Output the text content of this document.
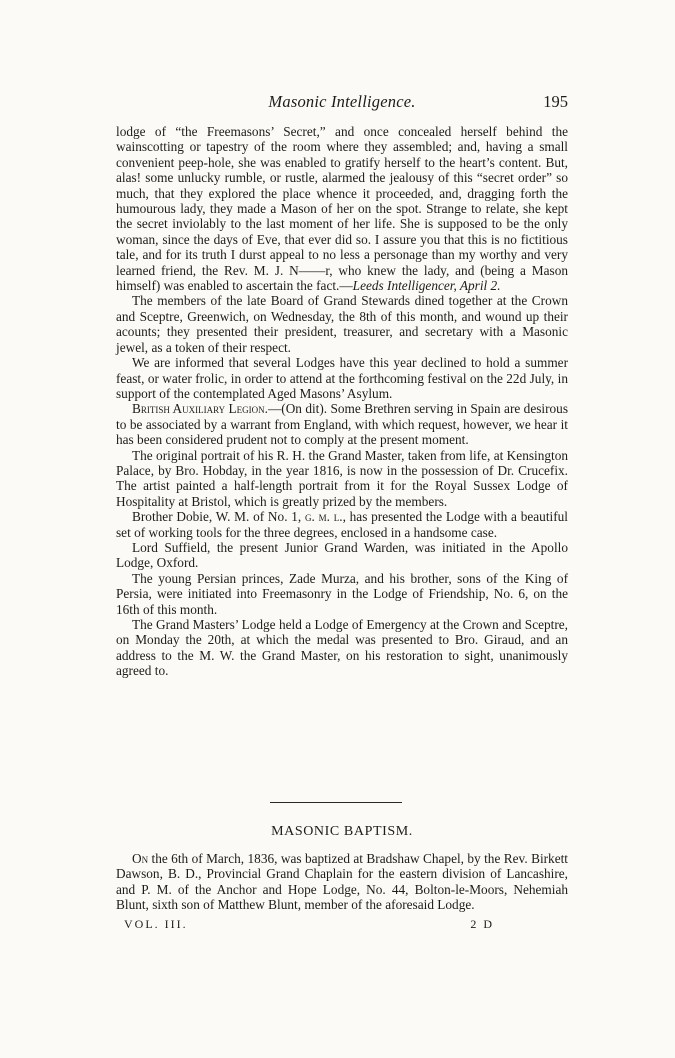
Masonic Intelligence.	195

lodge of “the Freemasons’ Secret,” and once concealed herself behind the wainscotting or tapestry of the room where they assembled; and, having a small convenient peep-hole, she was enabled to gratify herself to the heart’s content. But, alas! some unlucky rumble, or rustle, alarmed the jealousy of this “secret order” so much, that they explored the place whence it proceeded, and, dragging forth the humourous lady, they made a Mason of her on the spot. Strange to relate, she kept the secret inviolably to the last moment of her life. She is supposed to be the only woman, since the days of Eve, that ever did so. I assure you that this is no fictitious tale, and for its truth I durst appeal to no less a personage than my worthy and very learned friend, the Rev. M. J. N——r, who knew the lady, and (being a Mason himself) was enabled to ascertain the fact.—Leeds Intelligencer, April 2.

The members of the late Board of Grand Stewards dined together at the Crown and Sceptre, Greenwich, on Wednesday, the 8th of this month, and wound up their acounts; they presented their president, treasurer, and secretary with a Masonic jewel, as a token of their respect.

We are informed that several Lodges have this year declined to hold a summer feast, or water frolic, in order to attend at the forthcoming festival on the 22d July, in support of the contemplated Aged Masons’ Asylum.

British Auxiliary Legion.—(On dit). Some Brethren serving in Spain are desirous to be associated by a warrant from England, with which request, however, we hear it has been considered prudent not to comply at the present moment.

The original portrait of his R. H. the Grand Master, taken from life, at Kensington Palace, by Bro. Hobday, in the year 1816, is now in the possession of Dr. Crucefix. The artist painted a half-length portrait from it for the Royal Sussex Lodge of Hospitality at Bristol, which is greatly prized by the members.

Brother Dobie, W. M. of No. 1, g. m. l., has presented the Lodge with a beautiful set of working tools for the three degrees, enclosed in a handsome case.

Lord Suffield, the present Junior Grand Warden, was initiated in the Apollo Lodge, Oxford.

The young Persian princes, Zade Murza, and his brother, sons of the King of Persia, were initiated into Freemasonry in the Lodge of Friendship, No. 6, on the 16th of this month.

The Grand Masters’ Lodge held a Lodge of Emergency at the Crown and Sceptre, on Monday the 20th, at which the medal was presented to Bro. Giraud, and an address to the M. W. the Grand Master, on his restoration to sight, unanimously agreed to.

MASONIC BAPTISM.

On the 6th of March, 1836, was baptized at Bradshaw Chapel, by the Rev. Birkett Dawson, B. D., Provincial Grand Chaplain for the eastern division of Lancashire, and P. M. of the Anchor and Hope Lodge, No. 44, Bolton-le-Moors, Nehemiah Blunt, sixth son of Matthew Blunt, member of the aforesaid Lodge.

VOL. III.	2 D
